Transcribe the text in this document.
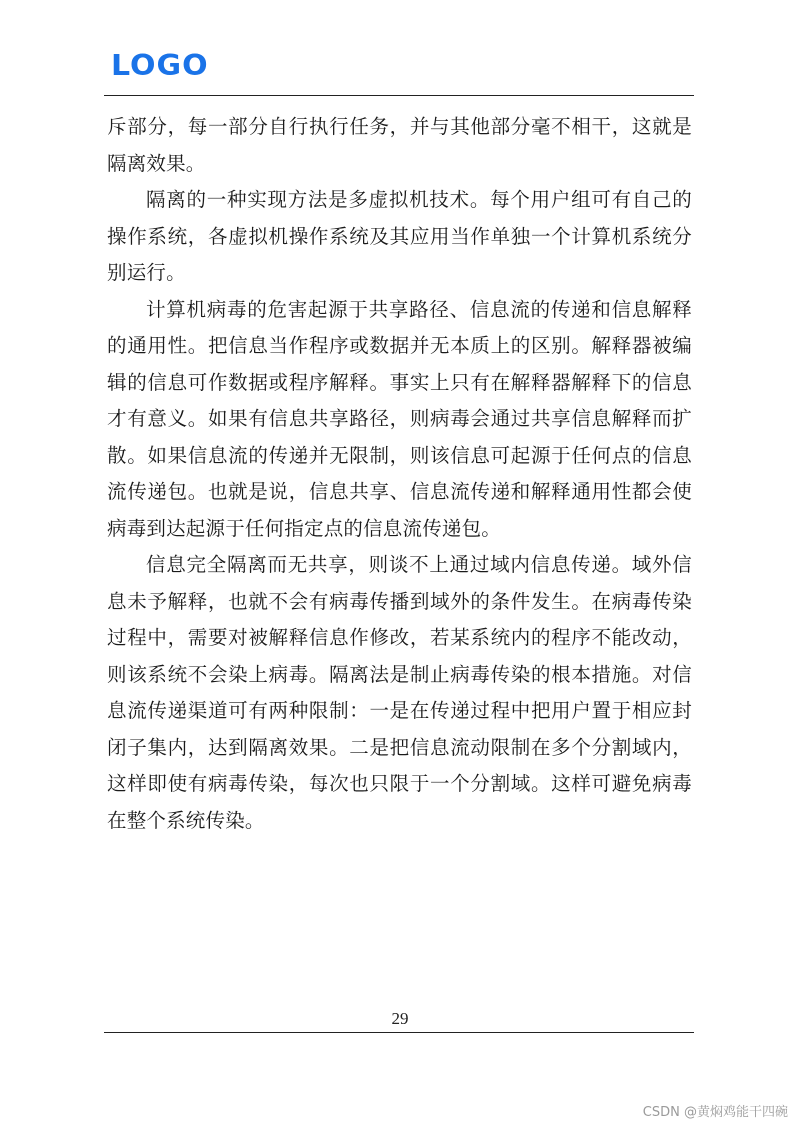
LOGO

斥部分，每一部分自行执行任务，并与其他部分毫不相干，这就是隔离效果。

隔离的一种实现方法是多虚拟机技术。每个用户组可有自己的操作系统，各虚拟机操作系统及其应用当作单独一个计算机系统分别运行。

计算机病毒的危害起源于共享路径、信息流的传递和信息解释的通用性。把信息当作程序或数据并无本质上的区别。解释器被编辑的信息可作数据或程序解释。事实上只有在解释器解释下的信息才有意义。如果有信息共享路径，则病毒会通过共享信息解释而扩散。如果信息流的传递并无限制，则该信息可起源于任何点的信息流传递包。也就是说，信息共享、信息流传递和解释通用性都会使病毒到达起源于任何指定点的信息流传递包。

信息完全隔离而无共享，则谈不上通过域内信息传递。域外信息未予解释，也就不会有病毒传播到域外的条件发生。在病毒传染过程中，需要对被解释信息作修改，若某系统内的程序不能改动，则该系统不会染上病毒。隔离法是制止病毒传染的根本措施。对信息流传递渠道可有两种限制：一是在传递过程中把用户置于相应封闭子集内，达到隔离效果。二是把信息流动限制在多个分割域内，这样即使有病毒传染，每次也只限于一个分割域。这样可避免病毒在整个系统传染。

29
CSDN @黄焖鸡能干四碗
